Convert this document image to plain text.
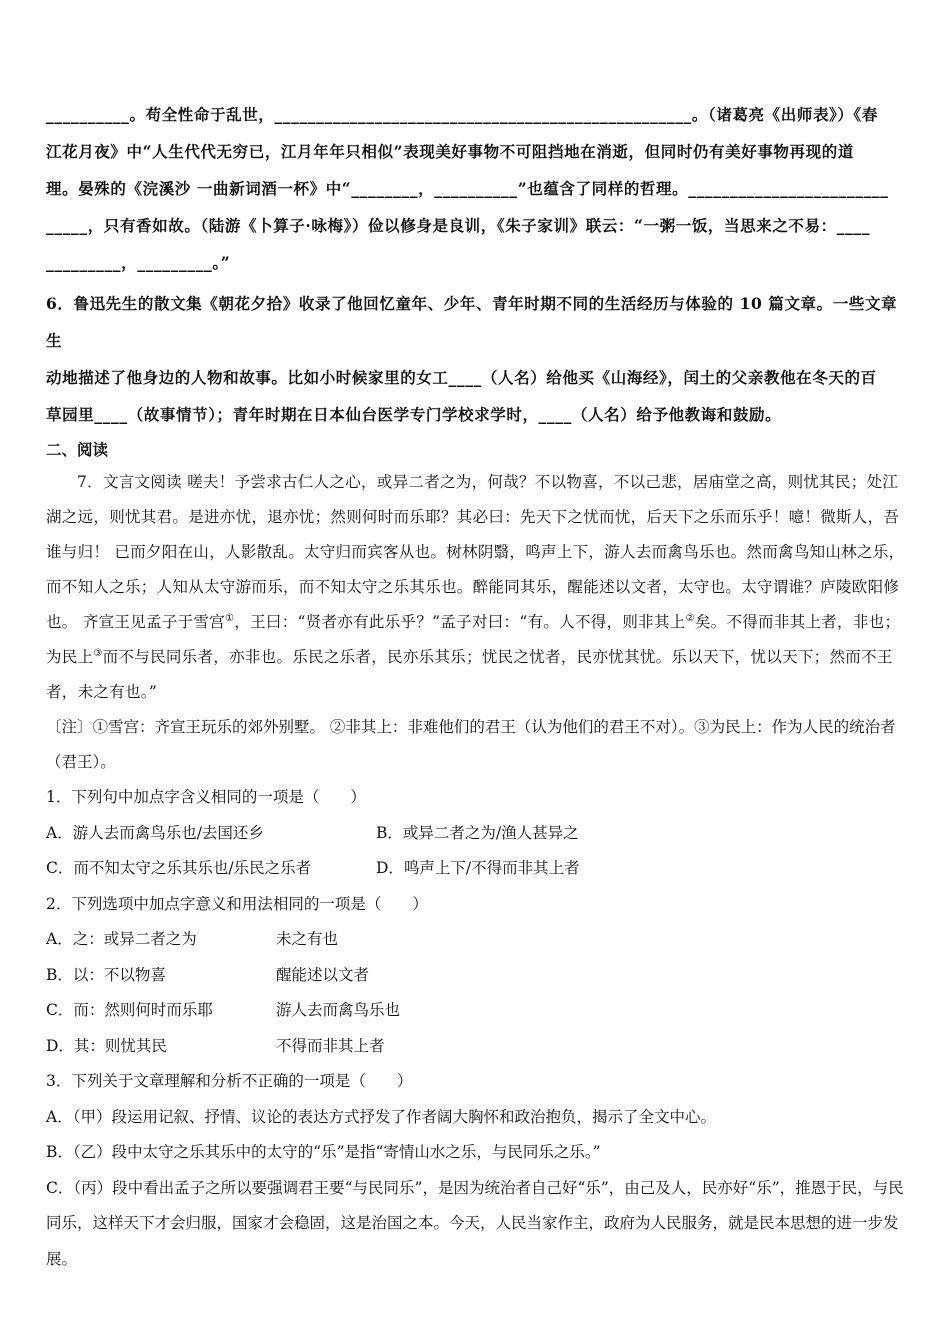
__________。苟全性命于乱世，__________________________________________________。（诸葛亮《出师表》）《春
江花月夜》中“人生代代无穷已，江月年年只相似”表现美好事物不可阻挡地在消逝，但同时仍有美好事物再现的道
理。晏殊的《浣溪沙 一曲新词酒一杯》中“________，__________”也蕴含了同样的哲理。________________________
_____，只有香如故。（陆游《卜算子·咏梅》）俭以修身是良训，《朱子家训》联云：“一粥一饭，当思来之不易：____
_________，_________。”
6．鲁迅先生的散文集《朝花夕拾》收录了他回忆童年、少年、青年时期不同的生活经历与体验的 10 篇文章。一些文章生
动地描述了他身边的人物和故事。比如小时候家里的女工____（人名）给他买《山海经》，闰土的父亲教他在冬天的百
草园里____（故事情节）；青年时期在日本仙台医学专门学校求学时，____（人名）给予他教诲和鼓励。
二、阅读

7．文言文阅读 嗟夫！予尝求古仁人之心，或异二者之为，何哉？不以物喜，不以己悲，居庙堂之高，则忧其民；处江湖之远，则忧其君。是进亦忧，退亦忧；然则何时而乐耶？其必曰：先天下之忧而忧，后天下之乐而乐乎！噫！微斯人，吾谁与归！ 已而夕阳在山，人影散乱。太守归而宾客从也。树林阴翳，鸣声上下，游人去而禽鸟乐也。然而禽鸟知山林之乐，而不知人之乐；人知从太守游而乐，而不知太守之乐其乐也。醉能同其乐，醒能述以文者，太守也。太守谓谁？庐陵欧阳修也。 齐宣王见孟子于雪宫①，王曰：“贤者亦有此乐乎？”孟子对曰：“有。人不得，则非其上②矣。不得而非其上者，非也；为民上③而不与民同乐者，亦非也。乐民之乐者，民亦乐其乐；忧民之忧者，民亦忧其忧。乐以天下，忧以天下；然而不王者，未之有也。”

〔注〕①雪宫：齐宣王玩乐的郊外别墅。 ②非其上：非难他们的君王（认为他们的君王不对）。③为民上：作为人民的统治者（君王）。

1．下列句中加点字含义相同的一项是（　　）
A．游人去而禽鸟乐也/去国还乡	B．或异二者之为/渔人甚异之
C．而不知太守之乐其乐也/乐民之乐者	D．鸣声上下/不得而非其上者
2．下列选项中加点字意义和用法相同的一项是（　　）
A．之：或异二者之为	未之有也
B．以：不以物喜	醒能述以文者
C．而：然则何时而乐耶	游人去而禽鸟乐也
D．其：则忧其民	不得而非其上者
3．下列关于文章理解和分析不正确的一项是（　　）
A．（甲）段运用记叙、抒情、议论的表达方式抒发了作者阔大胸怀和政治抱负，揭示了全文中心。
B．（乙）段中太守之乐其乐中的太守的“乐”是指“寄情山水之乐，与民同乐之乐。”
C．（丙）段中看出孟子之所以要强调君王要“与民同乐”，是因为统治者自己好“乐”，由己及人，民亦好“乐”，推恩于民，与民同乐，这样天下才会归服，国家才会稳固，这是治国之本。今天，人民当家作主，政府为人民服务，就是民本思想的进一步发展。
